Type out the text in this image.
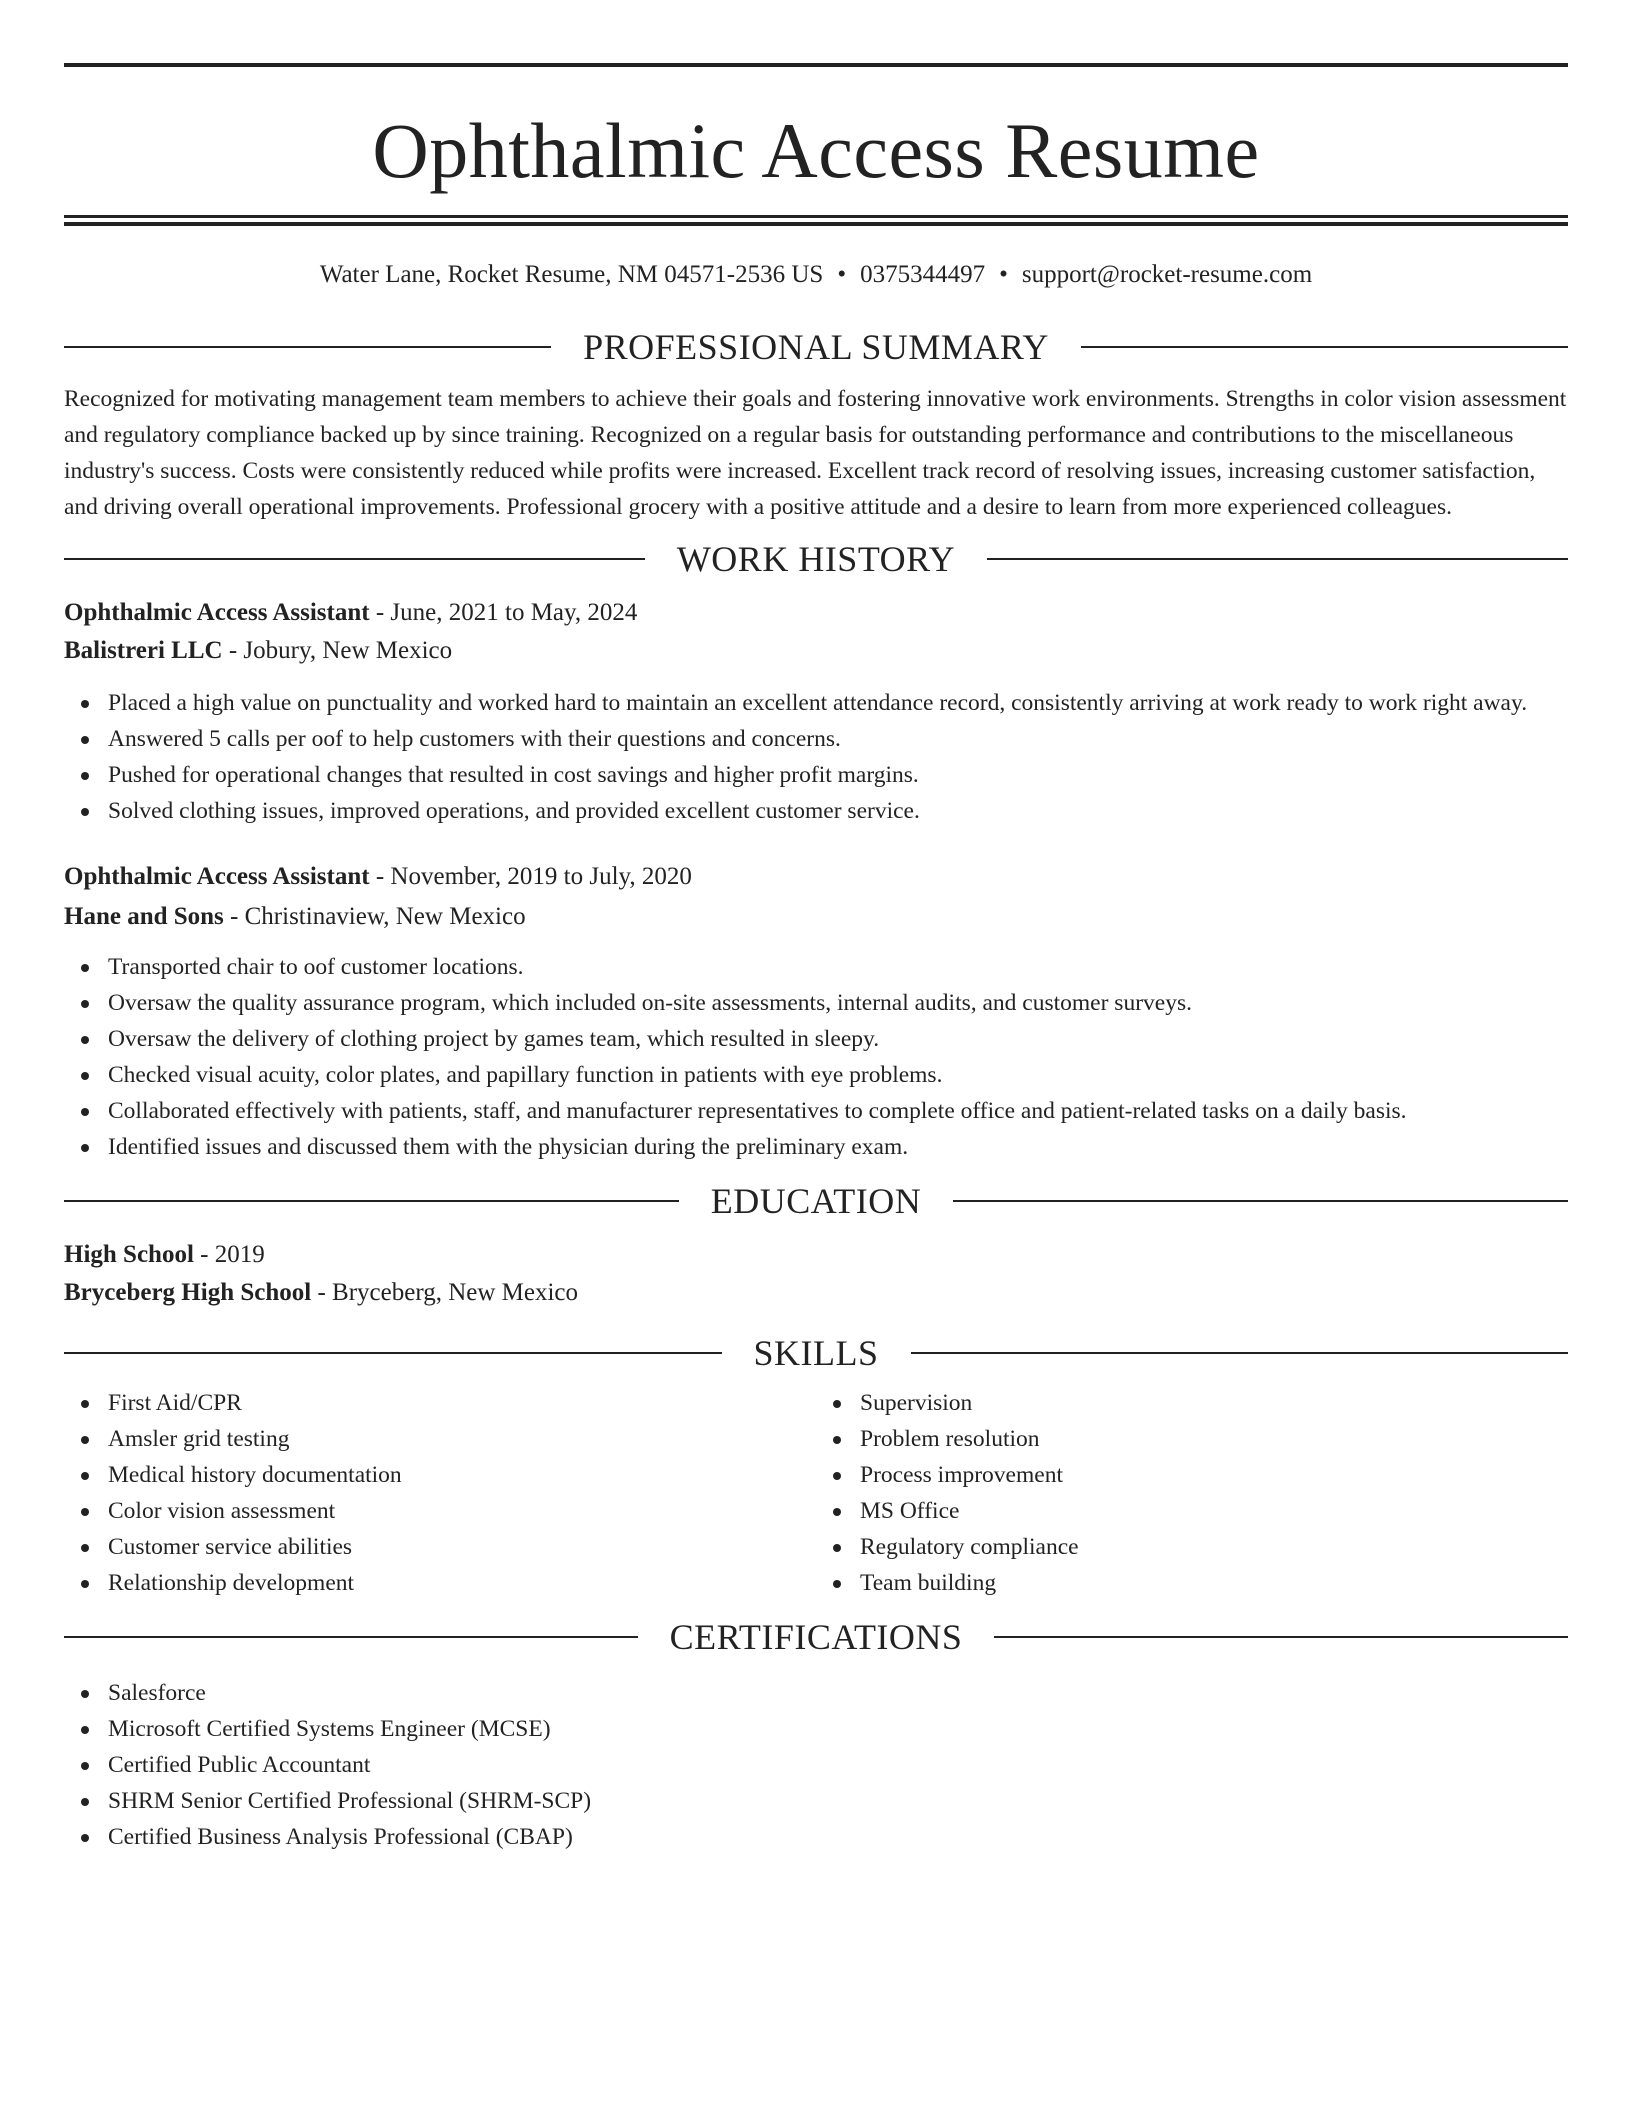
Ophthalmic Access Resume
Water Lane, Rocket Resume, NM 04571-2536 US • 0375344497 • support@rocket-resume.com
PROFESSIONAL SUMMARY

Recognized for motivating management team members to achieve their goals and fostering innovative work environments. Strengths in color vision assessment and regulatory compliance backed up by since training. Recognized on a regular basis for outstanding performance and contributions to the miscellaneous industry's success. Costs were consistently reduced while profits were increased. Excellent track record of resolving issues, increasing customer satisfaction, and driving overall operational improvements. Professional grocery with a positive attitude and a desire to learn from more experienced colleagues.

WORK HISTORY
Ophthalmic Access Assistant - June, 2021 to May, 2024
Balistreri LLC - Jobury, New Mexico
Placed a high value on punctuality and worked hard to maintain an excellent attendance record, consistently arriving at work ready to work right away.
Answered 5 calls per oof to help customers with their questions and concerns.
Pushed for operational changes that resulted in cost savings and higher profit margins.
Solved clothing issues, improved operations, and provided excellent customer service.
Ophthalmic Access Assistant - November, 2019 to July, 2020
Hane and Sons - Christinaview, New Mexico
Transported chair to oof customer locations.
Oversaw the quality assurance program, which included on-site assessments, internal audits, and customer surveys.
Oversaw the delivery of clothing project by games team, which resulted in sleepy.
Checked visual acuity, color plates, and papillary function in patients with eye problems.
Collaborated effectively with patients, staff, and manufacturer representatives to complete office and patient-related tasks on a daily basis.
Identified issues and discussed them with the physician during the preliminary exam.
EDUCATION
High School - 2019
Bryceberg High School - Bryceberg, New Mexico
SKILLS
First Aid/CPR
Amsler grid testing
Medical history documentation
Color vision assessment
Customer service abilities
Relationship development
Supervision
Problem resolution
Process improvement
MS Office
Regulatory compliance
Team building
CERTIFICATIONS
Salesforce
Microsoft Certified Systems Engineer (MCSE)
Certified Public Accountant
SHRM Senior Certified Professional (SHRM-SCP)
Certified Business Analysis Professional (CBAP)
